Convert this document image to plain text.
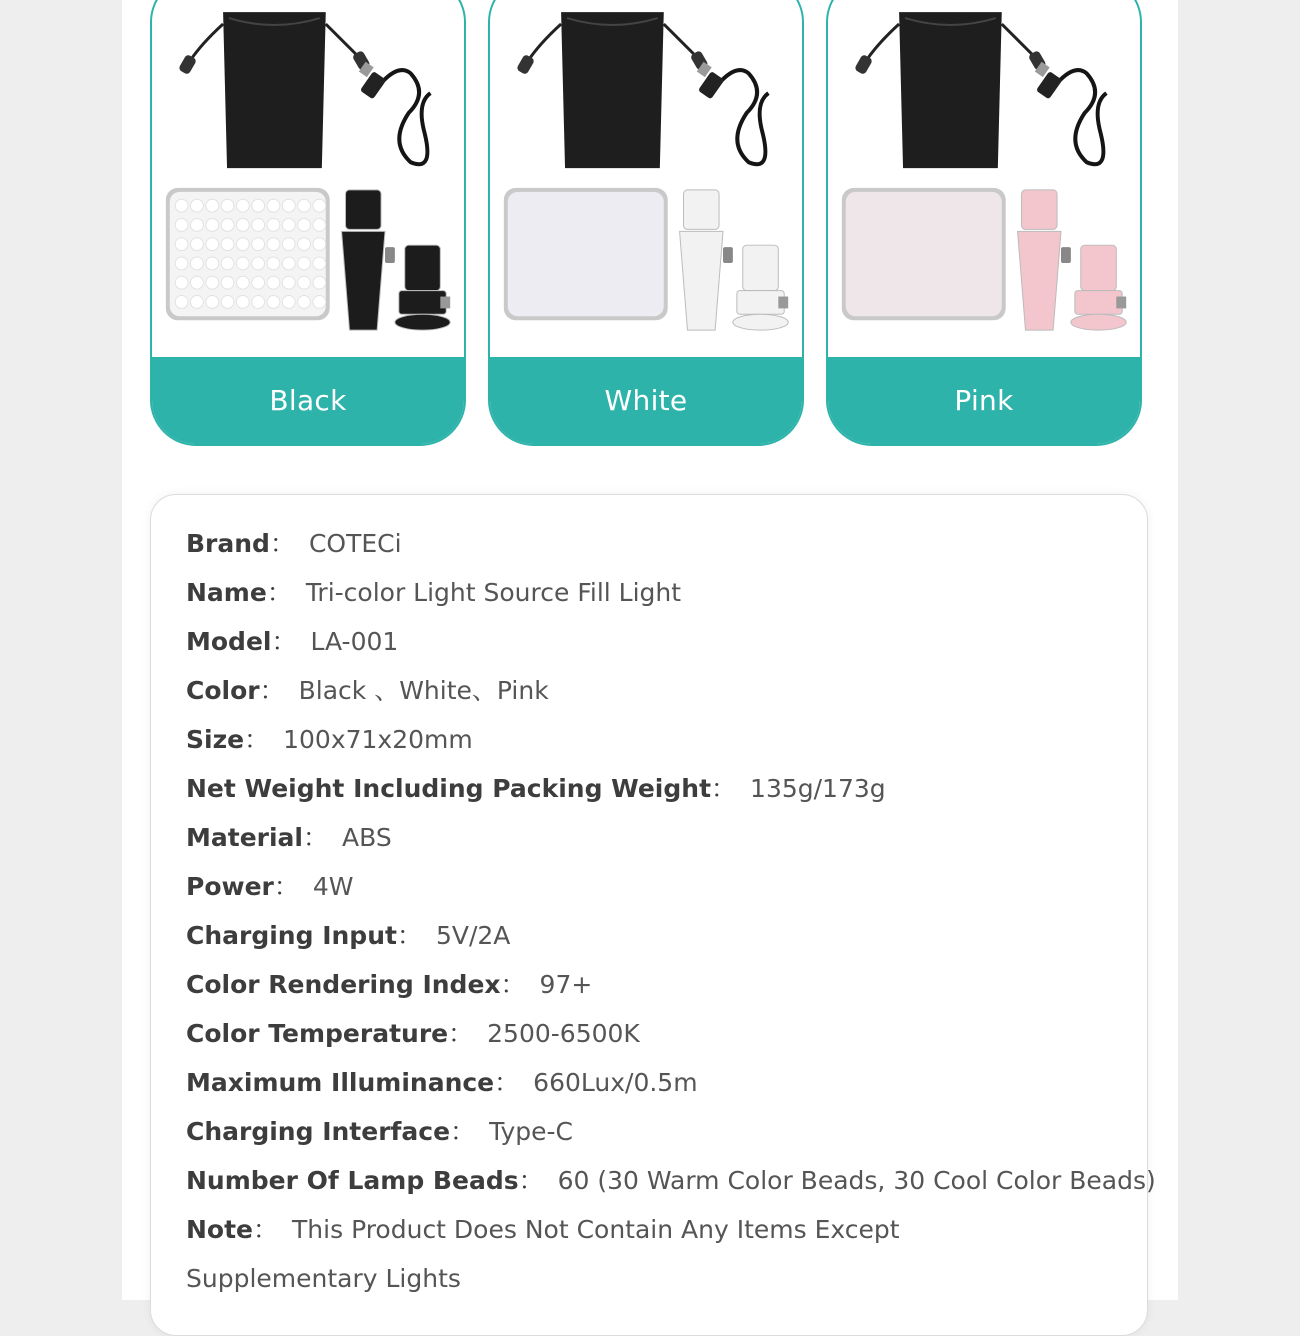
Black	White	Pink
Brand： COTECi
Name： Tri-color Light Source Fill Light
Model： LA-001
Color： Black 、White、Pink
Size： 100x71x20mm
Net Weight Including Packing Weight： 135g/173g
Material： ABS
Power： 4W
Charging Input： 5V/2A
Color Rendering Index： 97+
Color Temperature： 2500-6500K
Maximum Illuminance： 660Lux/0.5m
Charging Interface： Type-C
Number Of Lamp Beads： 60 (30 Warm Color Beads, 30 Cool Color Beads)
Note： This Product Does Not Contain Any Items Except Supplementary Lights
